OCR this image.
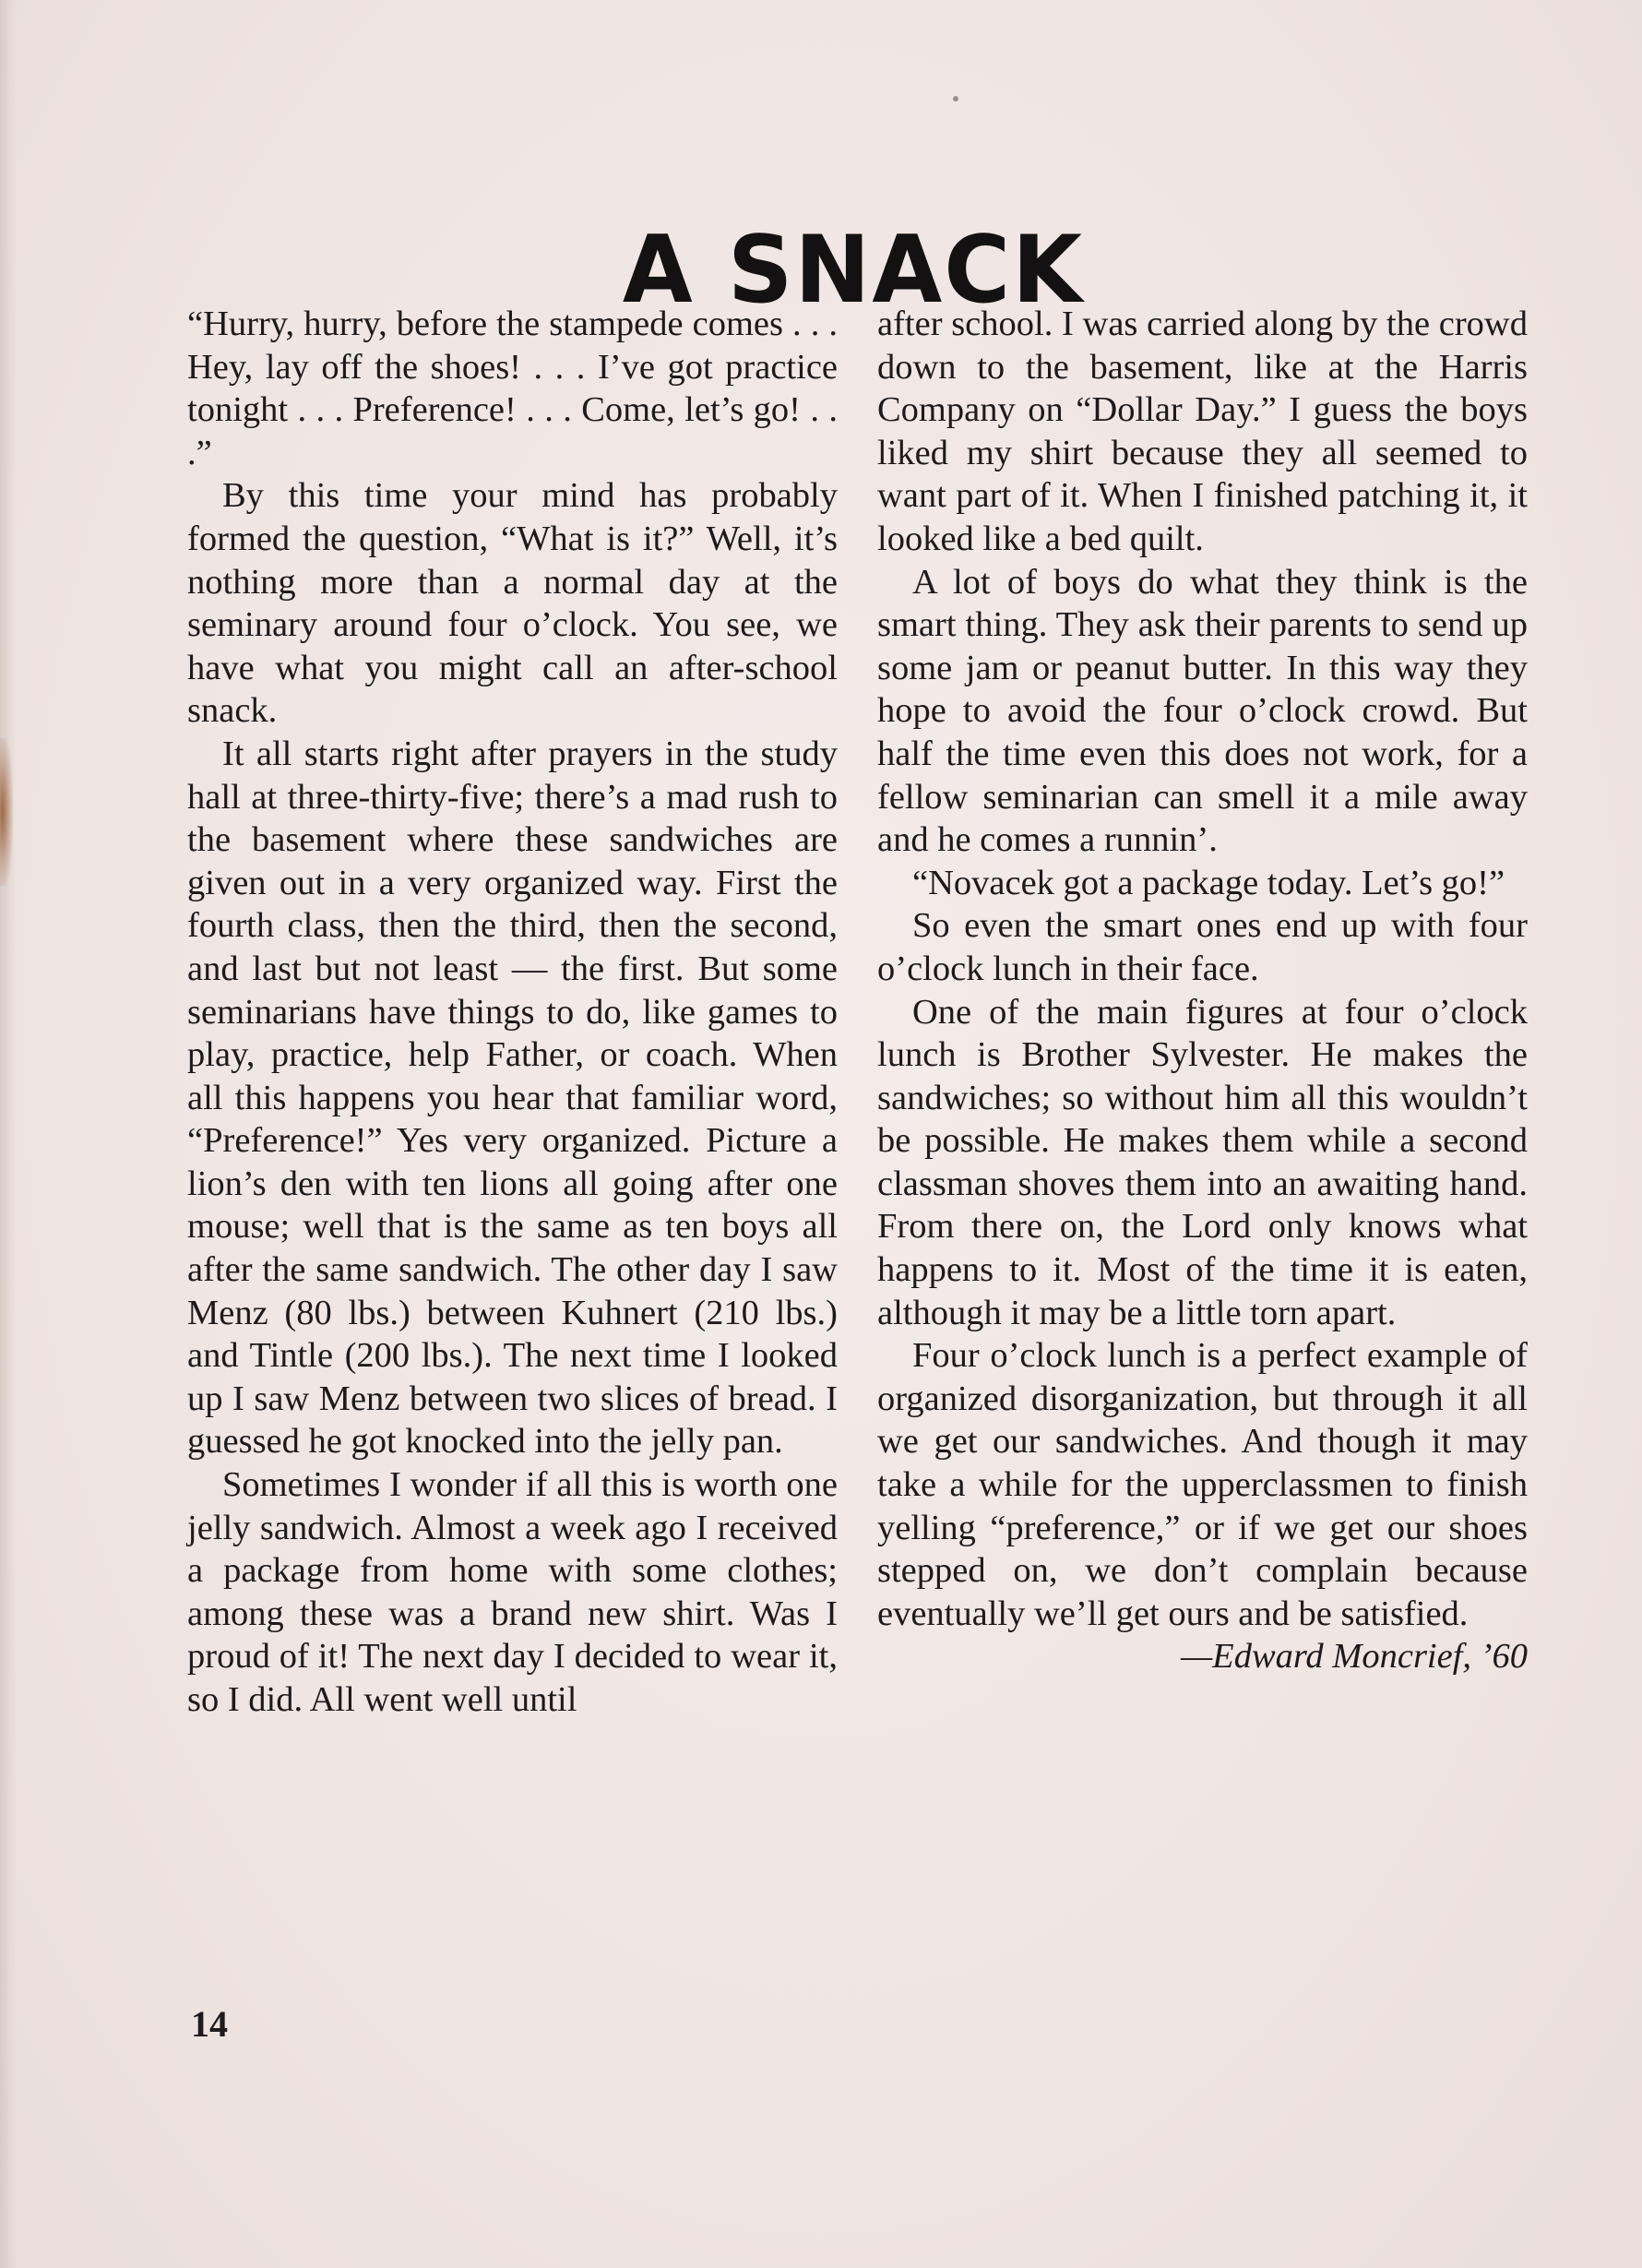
A SNACK

“Hurry, hurry, before the stampede comes . . . Hey, lay off the shoes! . . . I’ve got practice tonight . . . Preference! . . . Come, let’s go! . . .”

By this time your mind has probably formed the question, “What is it?” Well, it’s nothing more than a normal day at the seminary around four o’clock. You see, we have what you might call an after-school snack.

It all starts right after prayers in the study hall at three-thirty-five; there’s a mad rush to the basement where these sandwiches are given out in a very organized way. First the fourth class, then the third, then the second, and last but not least — the first. But some seminarians have things to do, like games to play, practice, help Father, or coach. When all this happens you hear that familiar word, “Preference!” Yes very organized. Picture a lion’s den with ten lions all going after one mouse; well that is the same as ten boys all after the same sandwich. The other day I saw Menz (80 lbs.) between Kuhnert (210 lbs.) and Tintle (200 lbs.). The next time I looked up I saw Menz between two slices of bread. I guessed he got knocked into the jelly pan.

Sometimes I wonder if all this is worth one jelly sandwich. Almost a week ago I received a package from home with some clothes; among these was a brand new shirt. Was I proud of it! The next day I decided to wear it, so I did. All went well until

after school. I was carried along by the crowd down to the basement, like at the Harris Company on “Dollar Day.” I guess the boys liked my shirt because they all seemed to want part of it. When I finished patching it, it looked like a bed quilt.

A lot of boys do what they think is the smart thing. They ask their parents to send up some jam or peanut butter. In this way they hope to avoid the four o’clock crowd. But half the time even this does not work, for a fellow seminarian can smell it a mile away and he comes a runnin’.

“Novacek got a package today. Let’s go!”

So even the smart ones end up with four o’clock lunch in their face.

One of the main figures at four o’clock lunch is Brother Sylvester. He makes the sandwiches; so without him all this wouldn’t be possible. He makes them while a second classman shoves them into an awaiting hand. From there on, the Lord only knows what happens to it. Most of the time it is eaten, although it may be a little torn apart.

Four o’clock lunch is a perfect example of organized disorganization, but through it all we get our sandwiches. And though it may take a while for the upperclassmen to finish yelling “preference,” or if we get our shoes stepped on, we don’t complain because eventually we’ll get ours and be satisfied.

—Edward Moncrief, ’60

14
